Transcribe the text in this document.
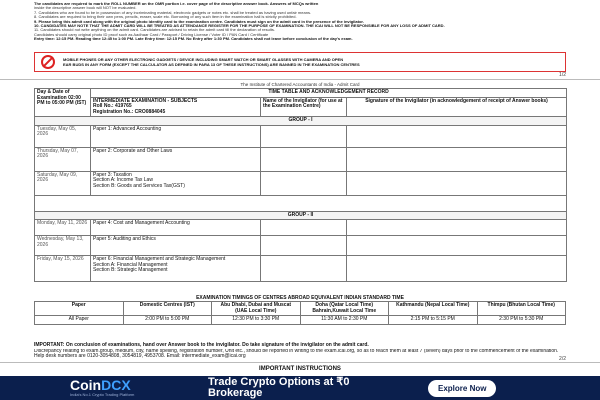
The candidates are required to mark the ROLL NUMBER on the OMR portion i.e. cover page of the descriptive answer book. Answers of MCQs written
inside the descriptive answer book will NOT be evaluated.
7. Candidates who are found to be in possession of any incriminating material, electronic gadgets or notes etc. shall be treated as having used unfair means.
8. Candidates are required to bring their own pens, pencils, eraser, scale etc. Borrowing of any such item in the examination hall is strictly prohibited.
9. Please bring this admit card along with the original photo identity card to the examination centre. Candidates must sign on the admit card in the presence of the invigilator.
10. CANDIDATES MAY NOTE THAT THE ADMIT CARD WILL BE TREATED AS ATTENDANCE REGISTER FOR THE PURPOSE OF EXAMINATION. THE ICAI WILL NOT BE RESPONSIBLE FOR ANY LOSS OF ADMIT CARD.
11. Candidates should not write anything on the admit card. Candidates are advised to retain the admit card till the declaration of results.
Candidates should carry original photo ID proof such as Aadhaar Card / Passport / Driving License / Voter ID / PAN Card / Certificate
Entry time: 12:15 PM. Reading time 12:45 to 1:00 PM. Late Entry time: 12:15 PM. No Entry after 1:30 PM. Candidates shall not leave before conclusion of the day's exam.
MOBILE PHONES OR ANY OTHER ELECTRONIC GADGETS / DEVICE INCLUDING SMART WATCH OR SMART GLASSES WITH CAMERA AND OPEN
EAR BUDS IN ANY FORM (EXCEPT THE CALCULATOR AS DEFINED IN PARA 13 OF THESE INSTRUCTIONS) ARE BANNED IN THE EXAMINATION CENTRES
1/2
The Institute of Chartered Accountants of India - Admit Card
Day & Date of Examination 02:00 PM to 05:00 PM (IST)	TIME TABLE AND ACKNOWLEDGEMENT RECORD		

	INTERMEDIATE EXAMINATION - SUBJECTS
Roll No.: 419765
Registration No.: CRO0884045	Name of the Invigilator (for use at the Examination Centre)	Signature of the Invigilator (in acknowledgement of receipt of Answer books)
GROUP - I			
Tuesday, May 05, 2026	Paper 1: Advanced Accounting		
Thursday, May 07, 2026	Paper 2: Corporate and Other Laws		
Saturday, May 09, 2026	Paper 3: Taxation
Section A: Income Tax Law
Section B: Goods and Services Tax(GST)		

GROUP - II			
Monday, May 11, 2026	Paper 4: Cost and Management Accounting		
Wednesday, May 13, 2026	Paper 5: Auditing and Ethics		
Friday, May 15, 2026	Paper 6: Financial Management and Strategic Management
Section A: Financial Management
Section B: Strategic Management		
EXAMINATION TIMINGS OF CENTRES ABROAD EQUIVALENT INDIAN STANDARD TIME
Paper	Domestic Centres (IST)	Abu Dhabi, Dubai and Muscat (UAE Local Time)	Doha (Qatar Local Time) Bahrain,Kuwait Local Time	Kathmandu (Nepal Local Time)	Thimpu (Bhutan Local Time)
All Paper	2:00 PM to 5:00 PM	12:30 PM to 3:30 PM	11:30 AM to 2:30 PM	2:15 PM to 5:15 PM	2:30 PM to 5:30 PM
IMPORTANT: On conclusion of examinations, hand over Answer book to the invigilator. Do take signature of the invigilator on the admit card.
Discrepancy relating to exam.group, medium, city, name spelling, registration number, Unit etc., should be reported in writing to the exam.icai.org, so as to reach them at least 7 (seven) days prior to the commencement of the examination. Help desk numbers are 0120-3054808, 3054819, 4953708. Email: intermediate_exam@icai.org	2/2
IMPORTANT INSTRUCTIONS
CoinDCX
India's No.1 Crypto Trading Platform
Trade Crypto Options at ₹0 Brokerage	Explore Now
